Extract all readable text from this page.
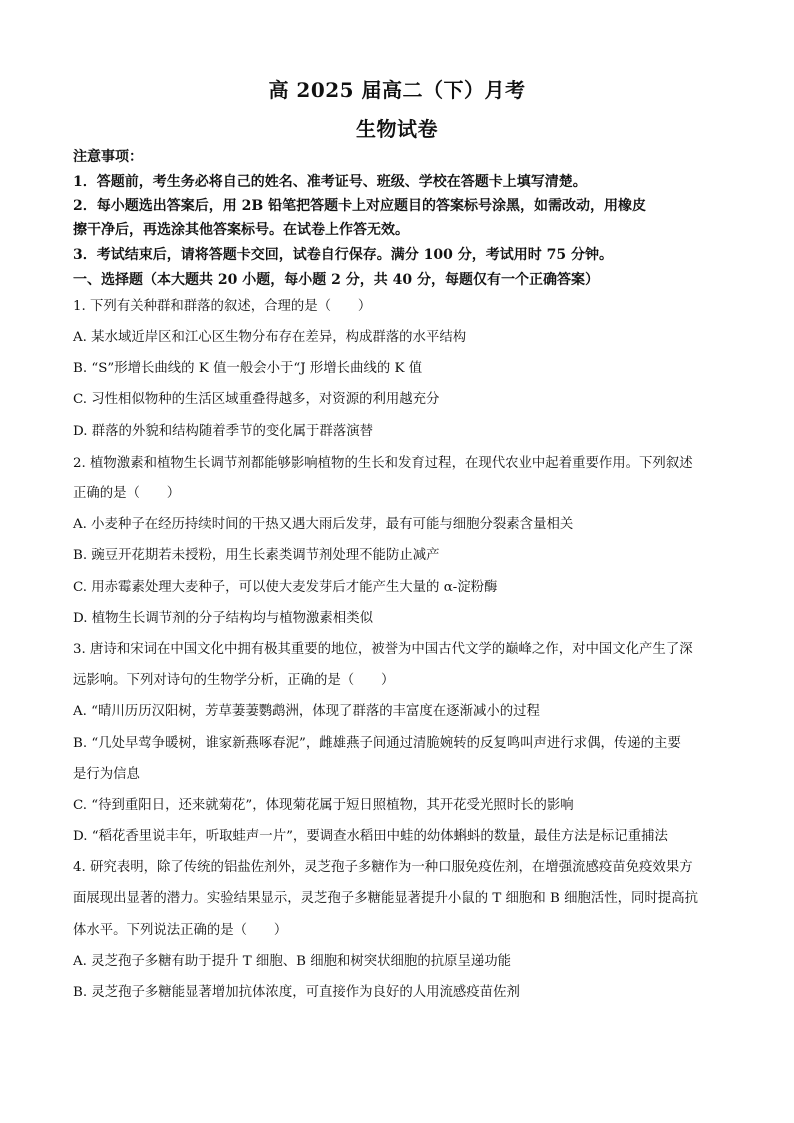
高 2025 届高二（下）月考
生物试卷
注意事项：
1．答题前，考生务必将自己的姓名、准考证号、班级、学校在答题卡上填写清楚。
2．每小题选出答案后，用 2B 铅笔把答题卡上对应题目的答案标号涂黑，如需改动，用橡皮
擦干净后，再选涂其他答案标号。在试卷上作答无效。
3．考试结束后，请将答题卡交回，试卷自行保存。满分 100 分，考试用时 75 分钟。
一、选择题（本大题共 20 小题，每小题 2 分，共 40 分，每题仅有一个正确答案）
1. 下列有关种群和群落的叙述，合理的是（　　）
A. 某水域近岸区和江心区生物分布存在差异，构成群落的水平结构
B. “S”形增长曲线的 K 值一般会小于“J 形增长曲线的 K 值
C. 习性相似物种的生活区域重叠得越多，对资源的利用越充分
D. 群落的外貌和结构随着季节的变化属于群落演替
2. 植物激素和植物生长调节剂都能够影响植物的生长和发育过程，在现代农业中起着重要作用。下列叙述
正确的是（　　）
A. 小麦种子在经历持续时间的干热又遇大雨后发芽，最有可能与细胞分裂素含量相关
B. 豌豆开花期若未授粉，用生长素类调节剂处理不能防止减产
C. 用赤霉素处理大麦种子，可以使大麦发芽后才能产生大量的 α-淀粉酶
D. 植物生长调节剂的分子结构均与植物激素相类似
3. 唐诗和宋词在中国文化中拥有极其重要的地位，被誉为中国古代文学的巅峰之作，对中国文化产生了深
远影响。下列对诗句的生物学分析，正确的是（　　）
A. “晴川历历汉阳树，芳草萋萋鹦鹉洲，体现了群落的丰富度在逐渐减小的过程
B. “几处早莺争暖树，谁家新燕啄春泥”，雌雄燕子间通过清脆婉转的反复鸣叫声进行求偶，传递的主要
是行为信息
C. “待到重阳日，还来就菊花”，体现菊花属于短日照植物，其开花受光照时长的影响
D. “稻花香里说丰年，听取蛙声一片”，要调查水稻田中蛙的幼体蝌蚪的数量，最佳方法是标记重捕法
4. 研究表明，除了传统的铝盐佐剂外，灵芝孢子多糖作为一种口服免疫佐剂，在增强流感疫苗免疫效果方
面展现出显著的潜力。实验结果显示，灵芝孢子多糖能显著提升小鼠的 T 细胞和 B 细胞活性，同时提高抗
体水平。下列说法正确的是（　　）
A. 灵芝孢子多糖有助于提升 T 细胞、B 细胞和树突状细胞的抗原呈递功能
B. 灵芝孢子多糖能显著增加抗体浓度，可直接作为良好的人用流感疫苗佐剂
